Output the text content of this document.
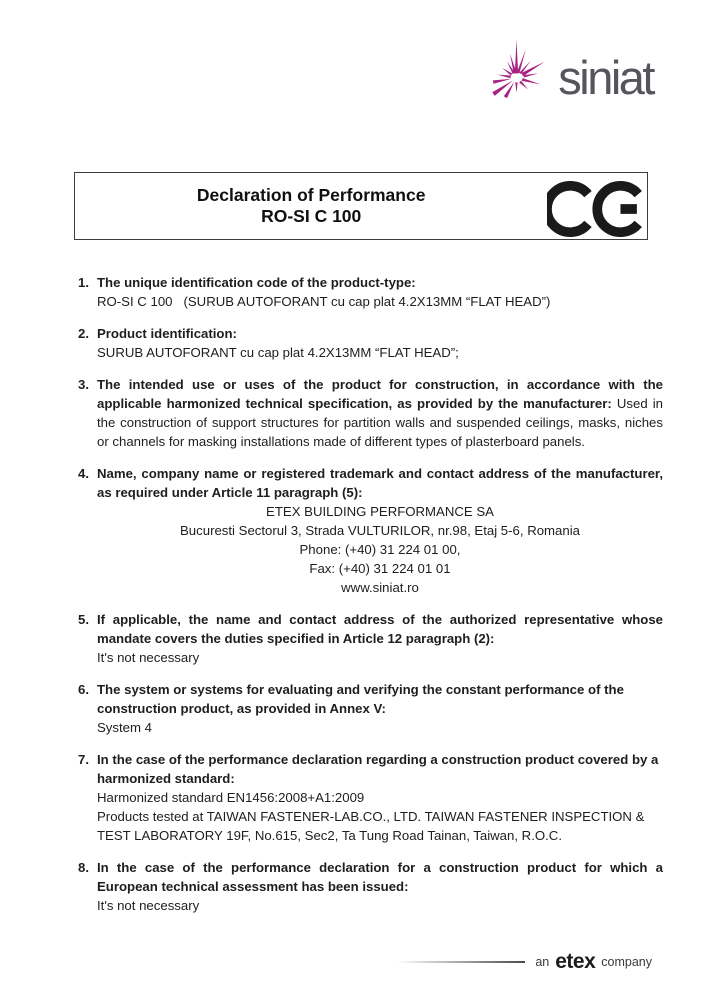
siniat
Declaration of Performance
RO-SI C 100
1. The unique identification code of the product-type:

RO-SI C 100   (SURUB AUTOFORANT cu cap plat 4.2X13MM “FLAT HEAD”)

2. Product identification:

SURUB AUTOFORANT cu cap plat 4.2X13MM “FLAT HEAD”;

3. The intended use or uses of the product for construction, in accordance with the applicable harmonized technical specification, as provided by the manufacturer: Used in the construction of support structures for partition walls and suspended ceilings, masks, niches or channels for masking installations made of different types of plasterboard panels.

4. Name, company name or registered trademark and contact address of the manufacturer, as required under Article 11 paragraph (5):

ETEX BUILDING PERFORMANCE SA

Bucuresti Sectorul 3, Strada VULTURILOR, nr.98, Etaj 5-6, Romania

Phone: (+40) 31 224 01 00,

Fax: (+40) 31 224 01 01

www.siniat.ro

5. If applicable, the name and contact address of the authorized representative whose mandate covers the duties specified in Article 12 paragraph (2):

It's not necessary

6. The system or systems for evaluating and verifying the constant performance of the construction product, as provided in Annex V:

System 4

7. In the case of the performance declaration regarding a construction product covered by a harmonized standard:

Harmonized standard EN1456:2008+A1:2009

Products tested at TAIWAN FASTENER-LAB.CO., LTD. TAIWAN FASTENER INSPECTION & TEST LABORATORY 19F, No.615, Sec2, Ta Tung Road Tainan, Taiwan, R.O.C.

8. In the case of the performance declaration for a construction product for which a European technical assessment has been issued:

It's not necessary

an etex company
